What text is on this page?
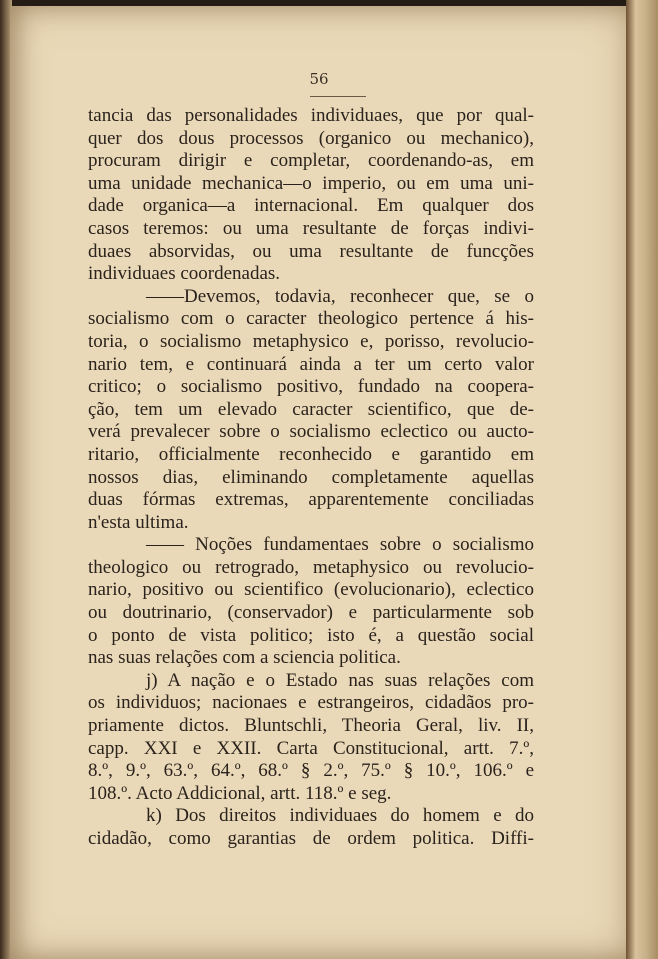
56
tancia das personalidades individuaes, que por qual-
quer dos dous processos (organico ou mechanico),
procuram dirigir e completar, coordenando-as, em
uma unidade mechanica—o imperio, ou em uma uni-
dade organica—a internacional. Em qualquer dos
casos teremos: ou uma resultante de forças indivi-
duaes absorvidas, ou uma resultante de funcções
individuaes coordenadas.
——Devemos, todavia, reconhecer que, se o
socialismo com o caracter theologico pertence á his-
toria, o socialismo metaphysico e, porisso, revolucio-
nario tem, e continuará ainda a ter um certo valor
critico; o socialismo positivo, fundado na coopera-
ção, tem um elevado caracter scientifico, que de-
verá prevalecer sobre o socialismo eclectico ou aucto-
ritario, officialmente reconhecido e garantido em
nossos dias, eliminando completamente aquellas
duas fórmas extremas, apparentemente conciliadas
n'esta ultima.
—— Noções fundamentaes sobre o socialismo
theologico ou retrogrado, metaphysico ou revolucio-
nario, positivo ou scientifico (evolucionario), eclectico
ou doutrinario, (conservador) e particularmente sob
o ponto de vista politico; isto é, a questão social
nas suas relações com a sciencia politica.
j) A nação e o Estado nas suas relações com
os individuos; nacionaes e estrangeiros, cidadãos pro-
priamente dictos. Bluntschli, Theoria Geral, liv. II,
capp. XXI e XXII. Carta Constitucional, artt. 7.º,
8.º, 9.º, 63.º, 64.º, 68.º § 2.º, 75.º § 10.º, 106.º e
108.º. Acto Addicional, artt. 118.º e seg.
k) Dos direitos individuaes do homem e do
cidadão, como garantias de ordem politica. Diffi-
